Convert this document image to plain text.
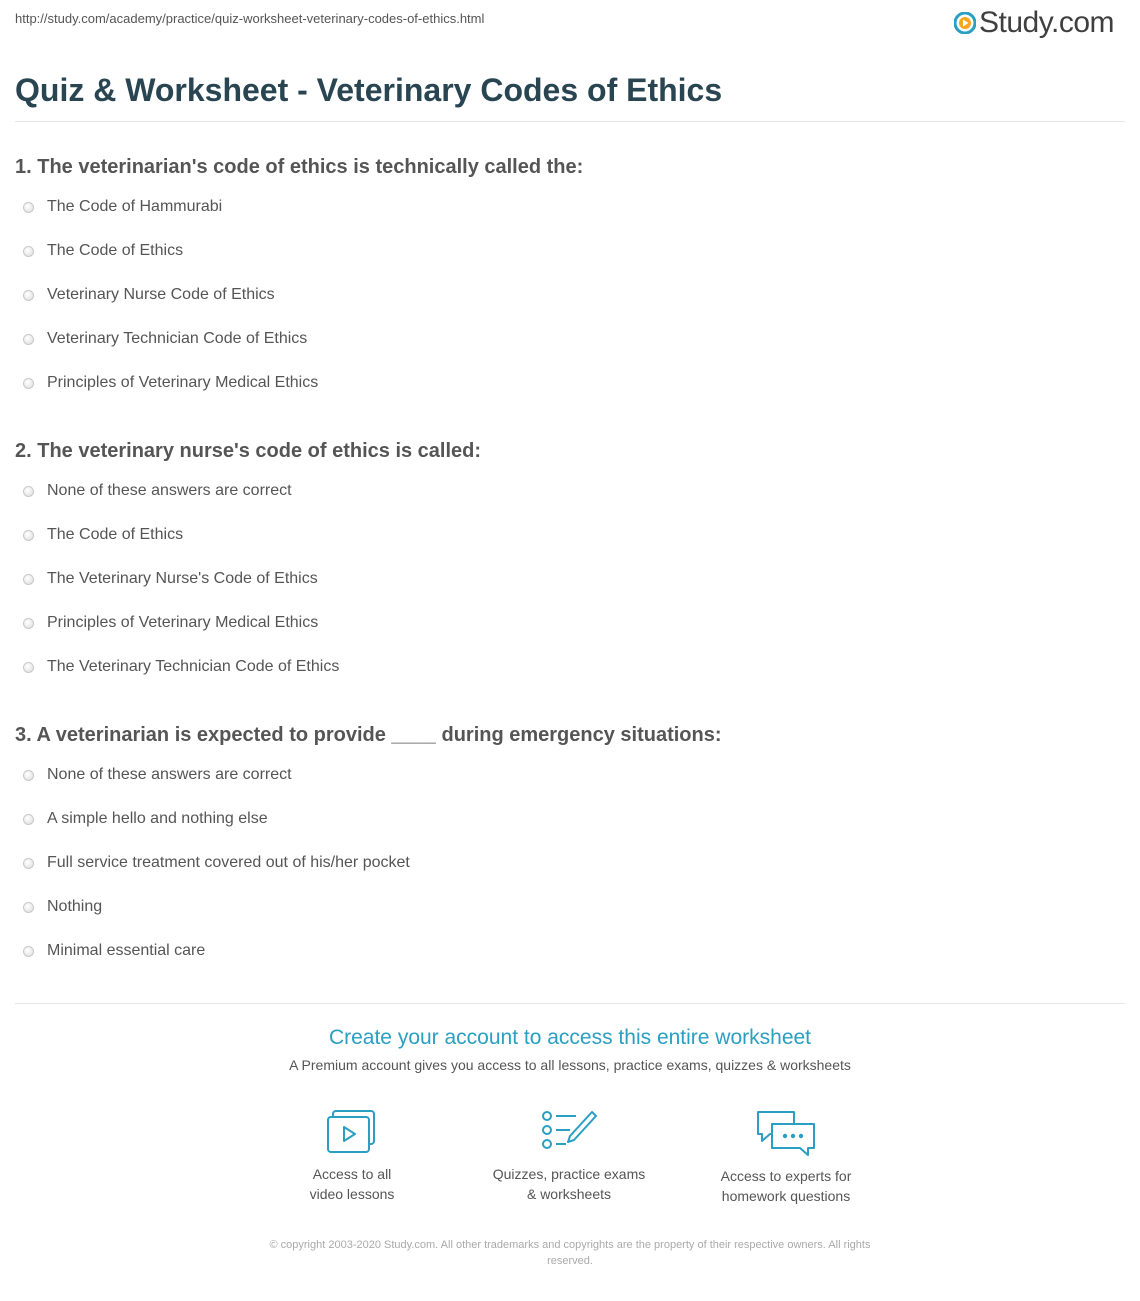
http://study.com/academy/practice/quiz-worksheet-veterinary-codes-of-ethics.html	Study.com
Quiz & Worksheet - Veterinary Codes of Ethics
1. The veterinarian's code of ethics is technically called the:
The Code of Hammurabi
The Code of Ethics
Veterinary Nurse Code of Ethics
Veterinary Technician Code of Ethics
Principles of Veterinary Medical Ethics
2. The veterinary nurse's code of ethics is called:
None of these answers are correct
The Code of Ethics
The Veterinary Nurse's Code of Ethics
Principles of Veterinary Medical Ethics
The Veterinary Technician Code of Ethics
3. A veterinarian is expected to provide ____ during emergency situations:
None of these answers are correct
A simple hello and nothing else
Full service treatment covered out of his/her pocket
Nothing
Minimal essential care
Create your account to access this entire worksheet
A Premium account gives you access to all lessons, practice exams, quizzes & worksheets
Access to all
video lessons
Quizzes, practice exams
& worksheets
Access to experts for
homework questions
© copyright 2003-2020 Study.com. All other trademarks and copyrights are the property of their respective owners. All rights
reserved.
